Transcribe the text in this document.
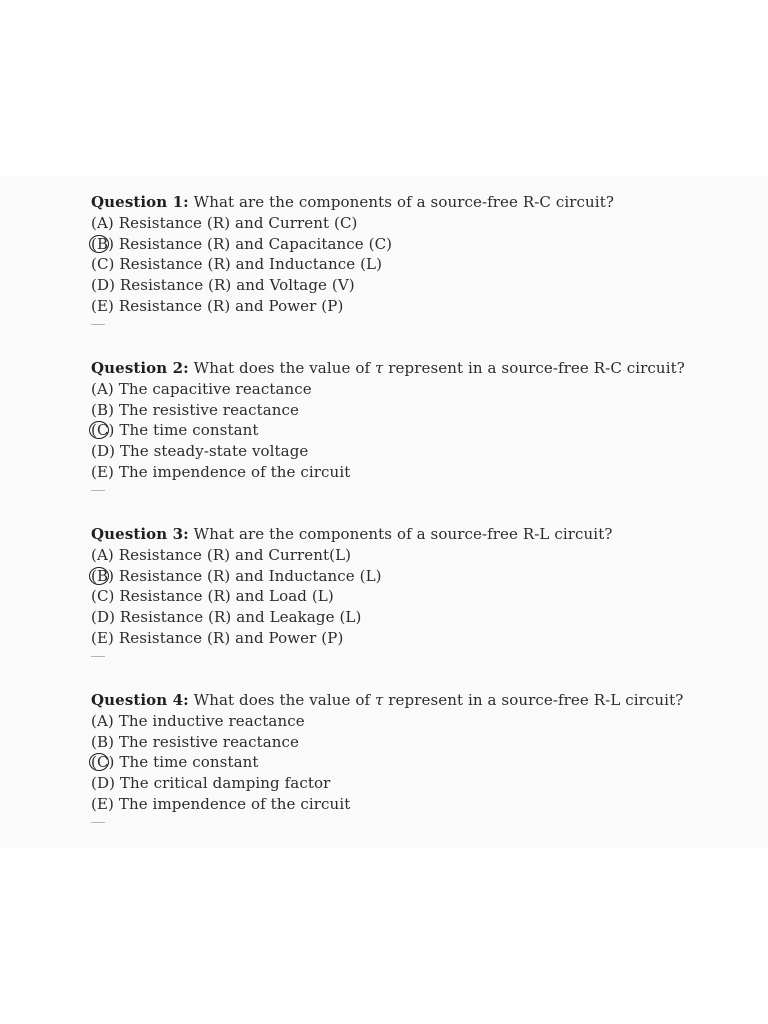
Question 1: What are the components of a source-free R-C circuit?
(A) Resistance (R) and Current (C)
(B) Resistance (R) and Capacitance (C)
(C) Resistance (R) and Inductance (L)
(D) Resistance (R) and Voltage (V)
(E) Resistance (R) and Power (P)
Question 2: What does the value of τ represent in a source-free R-C circuit?
(A) The capacitive reactance
(B) The resistive reactance
(C) The time constant
(D) The steady-state voltage
(E) The impendence of the circuit
Question 3: What are the components of a source-free R-L circuit?
(A) Resistance (R) and Current(L)
(B) Resistance (R) and Inductance (L)
(C) Resistance (R) and Load (L)
(D) Resistance (R) and Leakage (L)
(E) Resistance (R) and Power (P)
Question 4: What does the value of τ represent in a source-free R-L circuit?
(A) The inductive reactance
(B) The resistive reactance
(C) The time constant
(D) The critical damping factor
(E) The impendence of the circuit
